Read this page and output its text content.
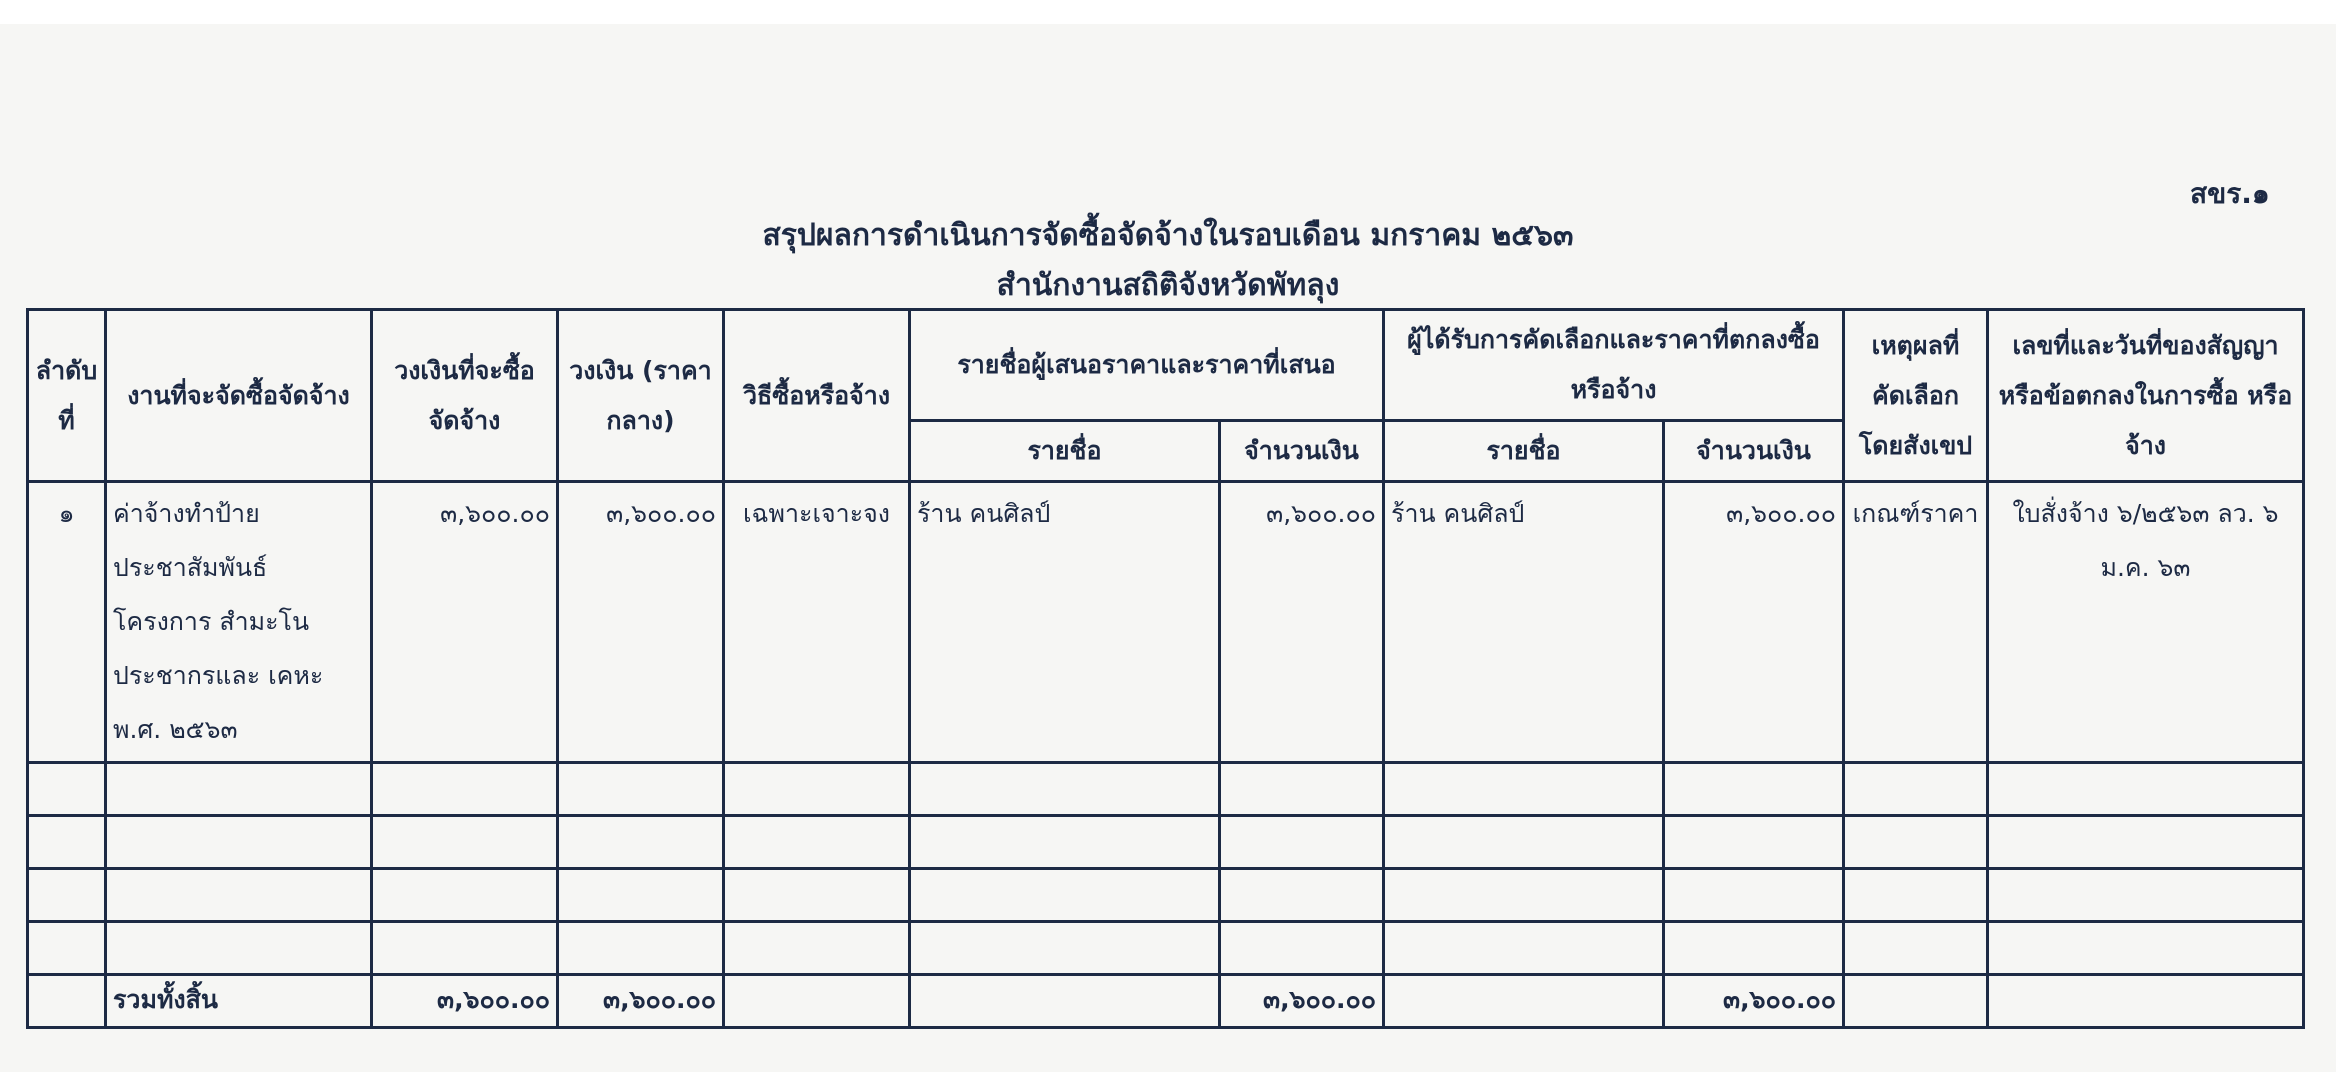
สขร.๑
สรุปผลการดำเนินการจัดซื้อจัดจ้างในรอบเดือน มกราคม ๒๕๖๓
สำนักงานสถิติจังหวัดพัทลุง
ลำดับ ที่	งานที่จะจัดซื้อจัดจ้าง	วงเงินที่จะซื้อ จัดจ้าง	วงเงิน (ราคากลาง)	วิธีซื้อหรือจ้าง	รายชื่อผู้เสนอราคาและราคาที่เสนอ		ผู้ได้รับการคัดเลือกและราคาที่ตกลงซื้อ หรือจ้าง		เหตุผลที่ คัดเลือก โดยสังเขป	เลขที่และวันที่ของสัญญา หรือข้อตกลงในการซื้อ หรือจ้าง
					รายชื่อ	จำนวนเงิน	รายชื่อ	จำนวนเงิน		
๑	ค่าจ้างทำป้าย ประชาสัมพันธ์โครงการ สำมะโนประชากรและ เคหะ พ.ศ. ๒๕๖๓	๓,๖๐๐.๐๐	๓,๖๐๐.๐๐	เฉพาะเจาะจง	ร้าน คนศิลป์	๓,๖๐๐.๐๐	ร้าน คนศิลป์	๓,๖๐๐.๐๐	เกณฑ์ราคา	ใบสั่งจ้าง ๖/๒๕๖๓ ลว. ๖ ม.ค. ๖๓

	รวมทั้งสิ้น	๓,๖๐๐.๐๐	๓,๖๐๐.๐๐			๓,๖๐๐.๐๐		๓,๖๐๐.๐๐		
